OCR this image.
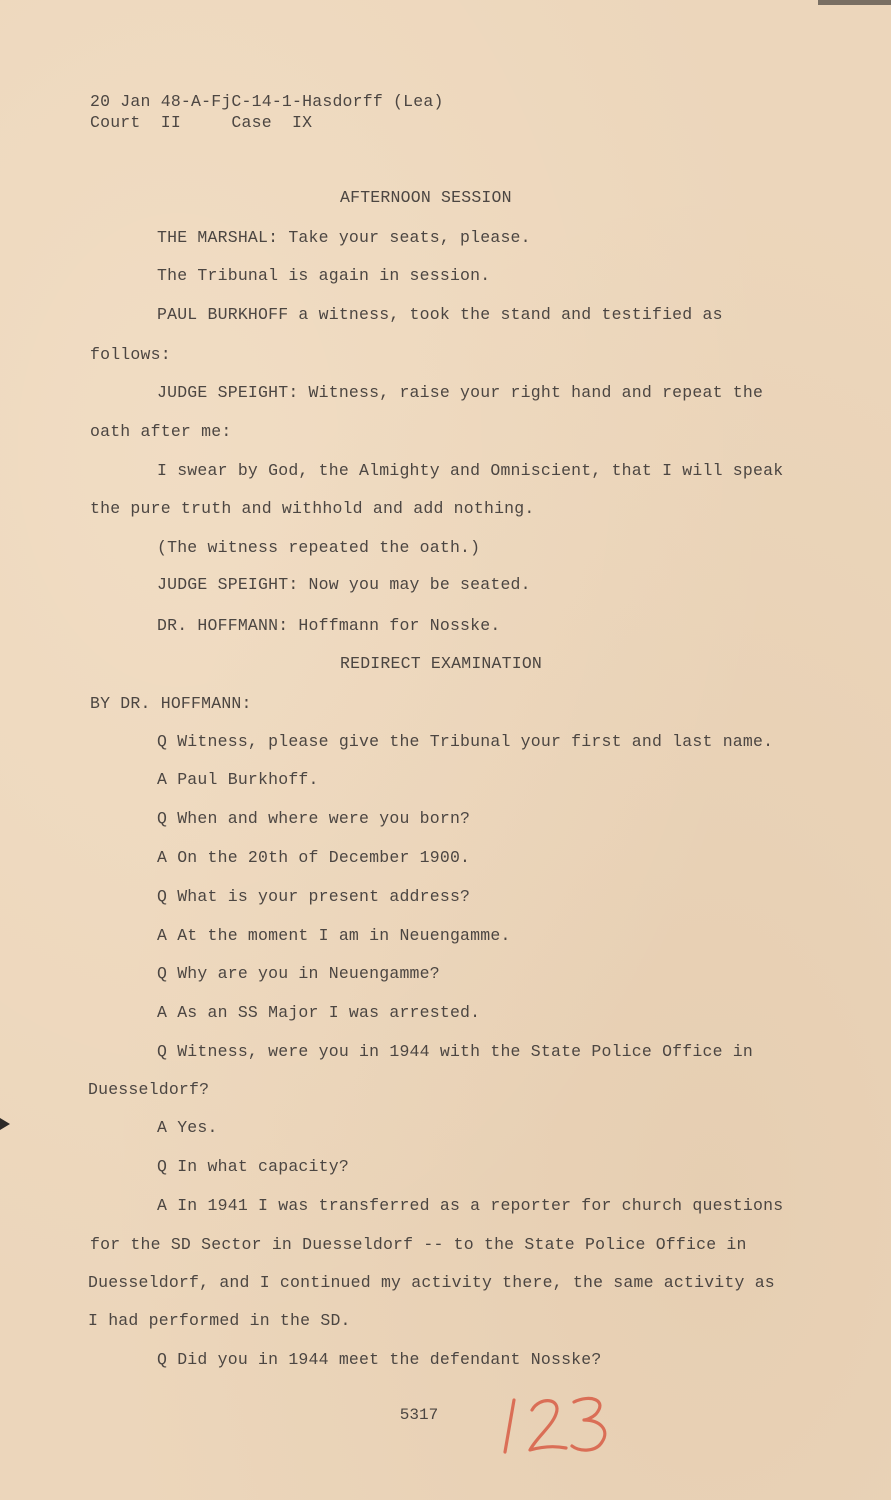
20 Jan 48-A-FjC-14-1-Hasdorff (Lea)
Court  II     Case  IX
AFTERNOON SESSION
THE MARSHAL: Take your seats, please.
The Tribunal is again in session.
PAUL BURKHOFF a witness, took the stand and testified as
follows:
JUDGE SPEIGHT: Witness, raise your right hand and repeat the
oath after me:
I swear by God, the Almighty and Omniscient, that I will speak
the pure truth and withhold and add nothing.
(The witness repeated the oath.)
JUDGE SPEIGHT: Now you may be seated.
DR. HOFFMANN: Hoffmann for Nosske.
REDIRECT EXAMINATION
BY DR. HOFFMANN:
Q Witness, please give the Tribunal your first and last name.
A Paul Burkhoff.
Q When and where were you born?
A On the 20th of December 1900.
Q What is your present address?
A At the moment I am in Neuengamme.
Q Why are you in Neuengamme?
A As an SS Major I was arrested.
Q Witness, were you in 1944 with the State Police Office in
Duesseldorf?
A Yes.
Q In what capacity?
A In 1941 I was transferred as a reporter for church questions
for the SD Sector in Duesseldorf -- to the State Police Office in
Duesseldorf, and I continued my activity there, the same activity as
I had performed in the SD.
Q Did you in 1944 meet the defendant Nosske?
5317
